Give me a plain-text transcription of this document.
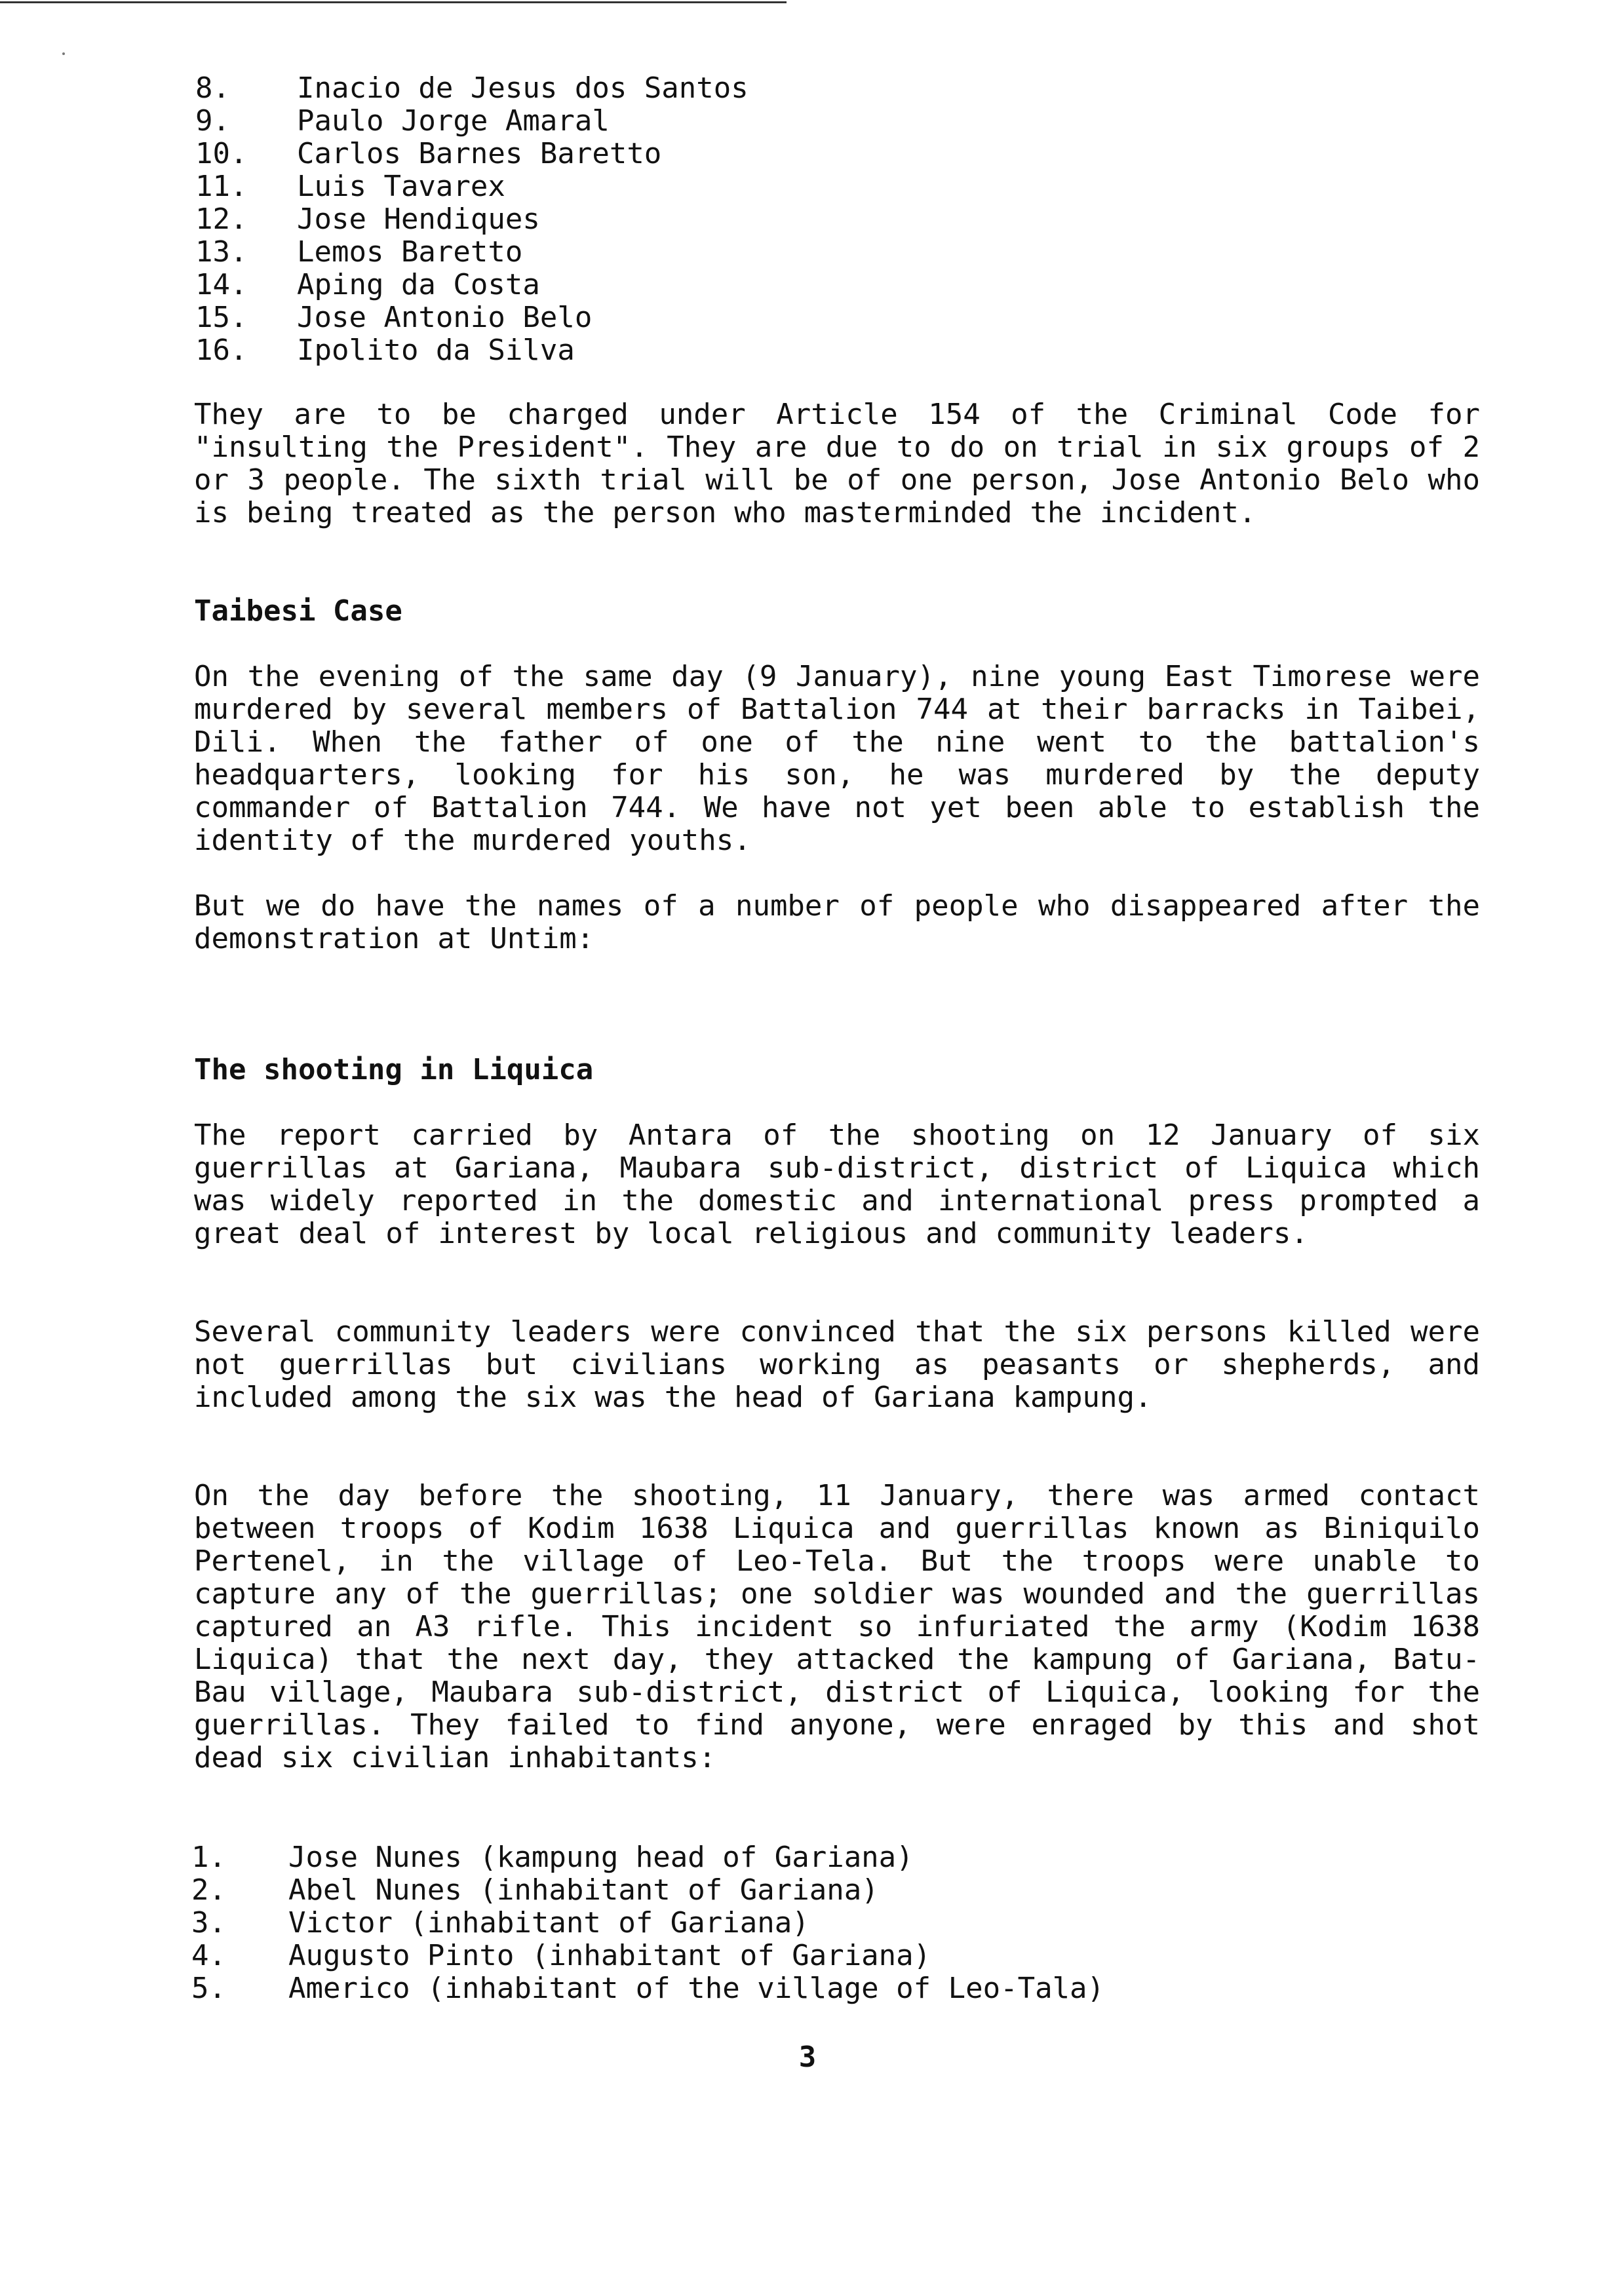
8. Inacio de Jesus dos Santos
9. Paulo Jorge Amaral
10. Carlos Barnes Baretto
11. Luis Tavarex
12. Jose Hendiques
13. Lemos Baretto
14. Aping da Costa
15. Jose Antonio Belo
16. Ipolito da Silva

They are to be charged under Article 154 of the Criminal Code for "insulting the President". They are due to do on trial in six groups of 2 or 3 people. The sixth trial will be of one person, Jose Antonio Belo who is being treated as the person who masterminded the incident.

Taibesi Case

On the evening of the same day (9 January), nine young East Timorese were murdered by several members of Battalion 744 at their barracks in Taibei, Dili. When the father of one of the nine went to the battalion's headquarters, looking for his son, he was murdered by the deputy commander of Battalion 744. We have not yet been able to establish the identity of the murdered youths.

But we do have the names of a number of people who disappeared after the demonstration at Untim:

The shooting in Liquica

The report carried by Antara of the shooting on 12 January of six guerrillas at Gariana, Maubara sub-district, district of Liquica which was widely reported in the domestic and international press prompted a great deal of interest by local religious and community leaders.

Several community leaders were convinced that the six persons killed were not guerrillas but civilians working as peasants or shepherds, and included among the six was the head of Gariana kampung.

On the day before the shooting, 11 January, there was armed contact between troops of Kodim 1638 Liquica and guerrillas known as Biniquilo Pertenel, in the village of Leo-Tela. But the troops were unable to capture any of the guerrillas; one soldier was wounded and the guerrillas captured an A3 rifle. This incident so infuriated the army (Kodim 1638 Liquica) that the next day, they attacked the kampung of Gariana, Batu-Bau village, Maubara sub-district, district of Liquica, looking for the guerrillas. They failed to find anyone, were enraged by this and shot dead six civilian inhabitants:

1. Jose Nunes (kampung head of Gariana)
2. Abel Nunes (inhabitant of Gariana)
3. Victor (inhabitant of Gariana)
4. Augusto Pinto (inhabitant of Gariana)
5. Americo (inhabitant of the village of Leo-Tala)
3
